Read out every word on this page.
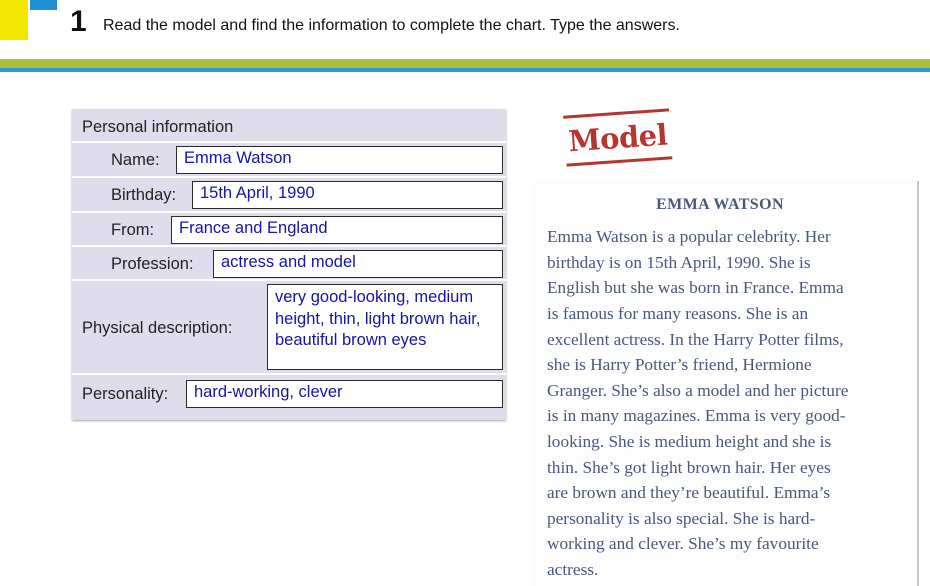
1 Read the model and find the information to complete the chart. Type the answers.
Personal information
Name:	Emma Watson
Birthday:	15th April, 1990
From:	France and England
Profession:	actress and model
Physical description:
very good-looking, medium height, thin, light brown hair, beautiful brown eyes
Personality:	hard-working, clever
Model
EMMA WATSON
Emma Watson is a popular celebrity. Her
birthday is on 15th April, 1990. She is
English but she was born in France. Emma
is famous for many reasons. She is an
excellent actress. In the Harry Potter films,
she is Harry Potter’s friend, Hermione
Granger. She’s also a model and her picture
is in many magazines. Emma is very good-
looking. She is medium height and she is
thin. She’s got light brown hair. Her eyes
are brown and they’re beautiful. Emma’s
personality is also special. She is hard-
working and clever. She’s my favourite
actress.
